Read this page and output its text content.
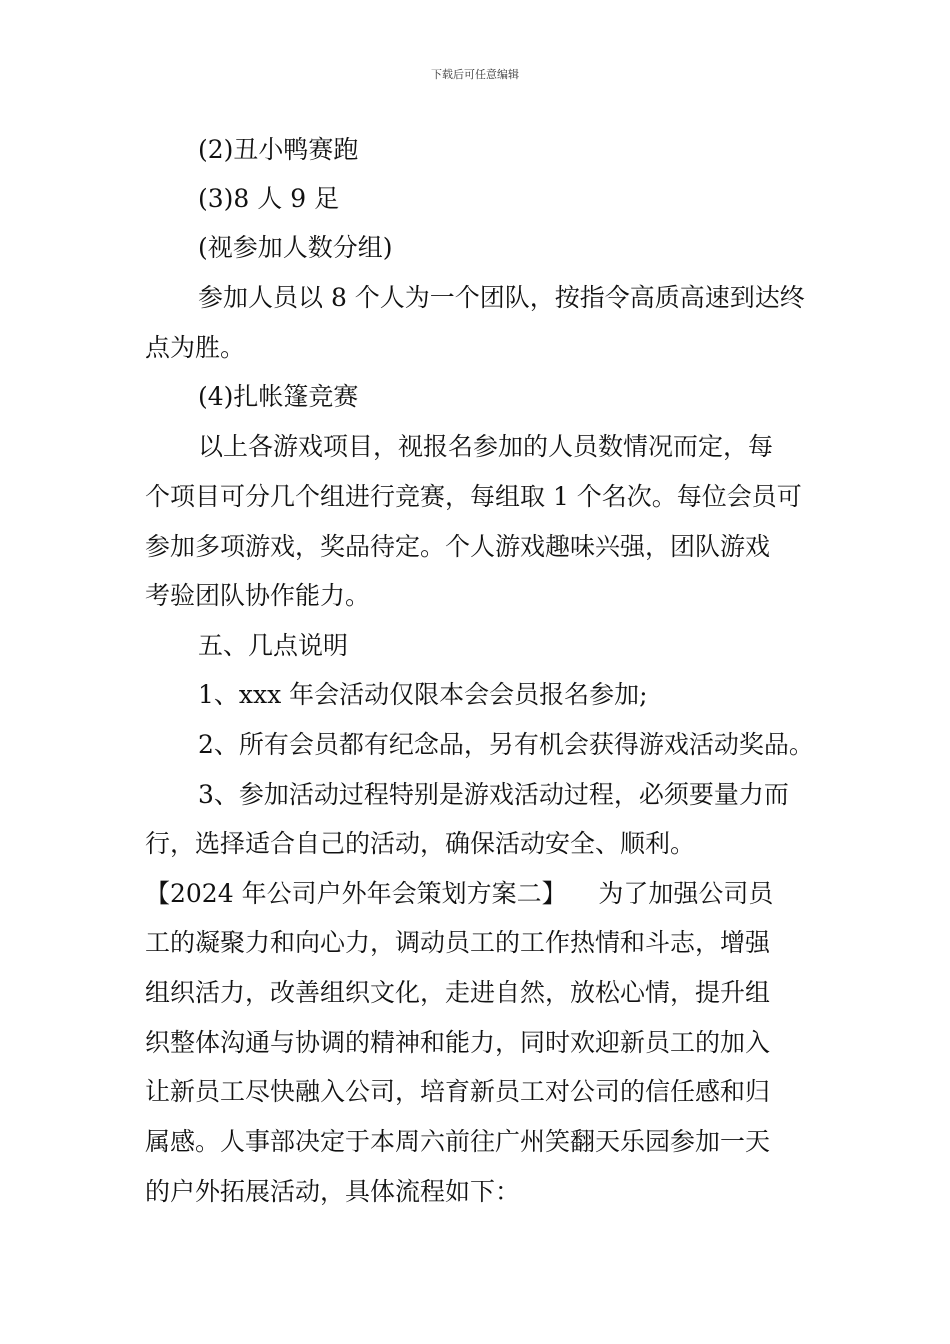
下载后可任意编辑
(2)丑小鸭赛跑
(3)8 人 9 足
(视参加人数分组)
参加人员以 8 个人为一个团队，按指令高质高速到达终
点为胜。
(4)扎帐篷竞赛
以上各游戏项目，视报名参加的人员数情况而定，每
个项目可分几个组进行竞赛，每组取 1 个名次。每位会员可
参加多项游戏，奖品待定。个人游戏趣味兴强，团队游戏
考验团队协作能力。
五、几点说明
1、xxx 年会活动仅限本会会员报名参加;
2、所有会员都有纪念品，另有机会获得游戏活动奖品。
3、参加活动过程特别是游戏活动过程，必须要量力而
行，选择适合自己的活动，确保活动安全、顺利。
【2024 年公司户外年会策划方案二】    为了加强公司员
工的凝聚力和向心力，调动员工的工作热情和斗志，增强
组织活力，改善组织文化，走进自然，放松心情，提升组
织整体沟通与协调的精神和能力，同时欢迎新员工的加入
让新员工尽快融入公司，培育新员工对公司的信任感和归
属感。人事部决定于本周六前往广州笑翻天乐园参加一天
的户外拓展活动，具体流程如下：
